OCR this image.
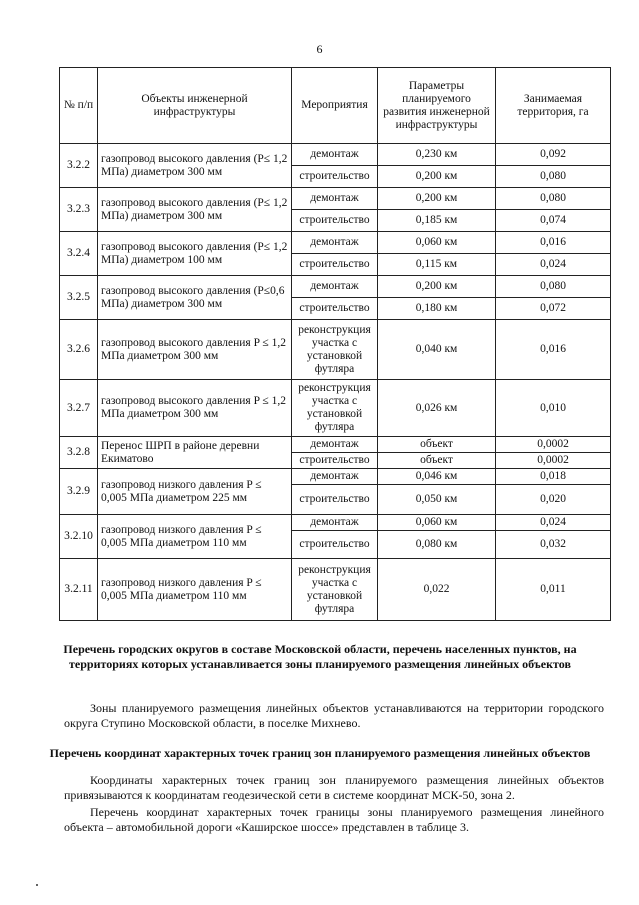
6
№ п/п	Объекты инженерной инфраструктуры	Мероприятия	Параметры планируемого развития инженерной инфраструктуры	Занимаемая территория, га
3.2.2	газопровод высокого давления (P≤ 1,2 МПа) диаметром 300 мм	демонтаж	0,230 км	0,092
		строительство	0,200 км	0,080
3.2.3	газопровод высокого давления (P≤ 1,2 МПа) диаметром 300 мм	демонтаж	0,200 км	0,080
		строительство	0,185 км	0,074
3.2.4	газопровод высокого давления (P≤ 1,2 МПа) диаметром 100 мм	демонтаж	0,060 км	0,016
		строительство	0,115 км	0,024
3.2.5	газопровод высокого давления (P≤0,6 МПа) диаметром 300 мм	демонтаж	0,200 км	0,080
		строительство	0,180 км	0,072
3.2.6	газопровод высокого давления P ≤ 1,2 МПа диаметром 300 мм	реконструкция участка с установкой футляра	0,040 км	0,016
3.2.7	газопровод высокого давления P ≤ 1,2 МПа диаметром 300 мм	реконструкция участка с установкой футляра	0,026 км	0,010
3.2.8	Перенос ШРП в районе деревни Екиматово	демонтаж	объект	0,0002
		строительство	объект	0,0002
3.2.9	газопровод низкого давления P ≤ 0,005 МПа диаметром 225 мм	демонтаж	0,046 км	0,018
		строительство	0,050 км	0,020
3.2.10	газопровод низкого давления P ≤ 0,005 МПа диаметром 110 мм	демонтаж	0,060 км	0,024
		строительство	0,080 км	0,032
3.2.11	газопровод низкого давления P ≤ 0,005 МПа диаметром 110 мм	реконструкция участка с установкой футляра	0,022	0,011
Перечень городских округов в составе Московской области, перечень населенных пунктов, на территориях которых устанавливается зоны планируемого размещения линейных объектов
Зоны планируемого размещения линейных объектов устанавливаются на территории городского округа Ступино Московской области, в поселке Михнево.
Перечень координат характерных точек границ зон планируемого размещения линейных объектов
Координаты характерных точек границ зон планируемого размещения линейных объектов привязываются к координатам геодезической сети в системе координат МСК-50, зона 2.
Перечень координат характерных точек границы зоны планируемого размещения линейного объекта – автомобильной дороги «Каширское шоссе» представлен в таблице 3.
